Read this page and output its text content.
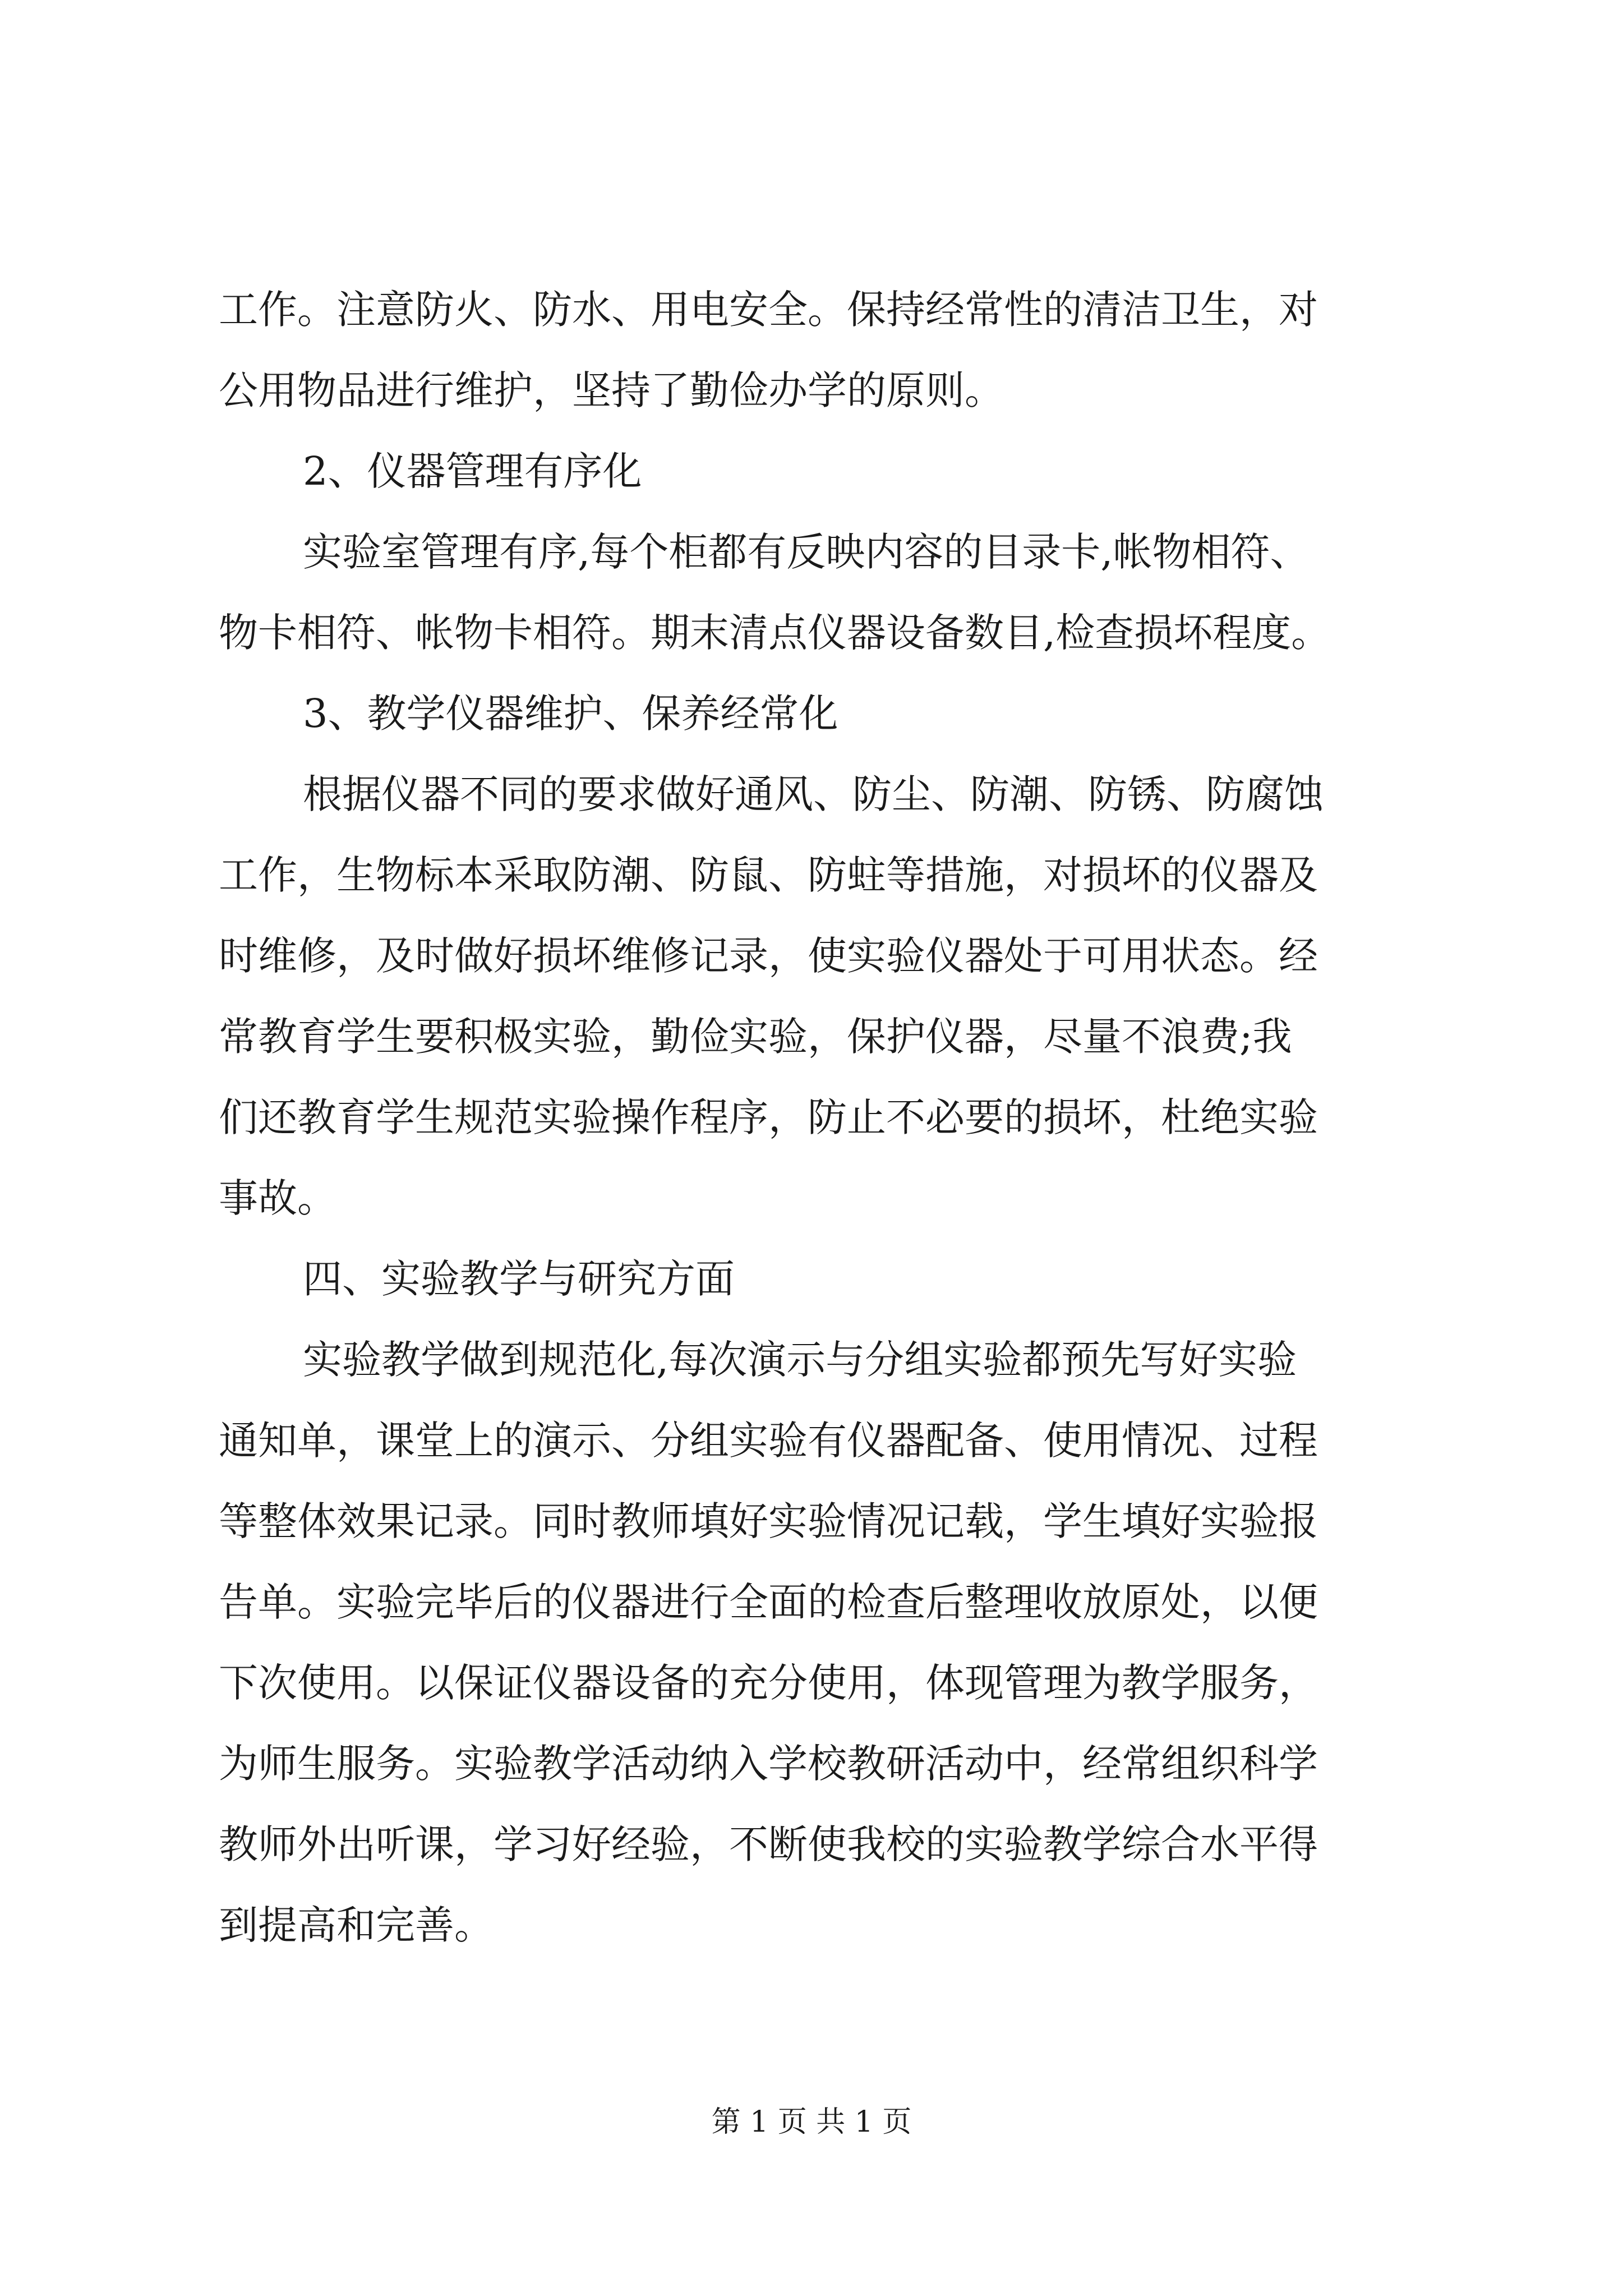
工作。注意防火、防水、用电安全。保持经常性的清洁卫生，对
公用物品进行维护，坚持了勤俭办学的原则。
2、仪器管理有序化
实验室管理有序,每个柜都有反映内容的目录卡,帐物相符、
物卡相符、帐物卡相符。期末清点仪器设备数目,检查损坏程度。
3、教学仪器维护、保养经常化
根据仪器不同的要求做好通风、防尘、防潮、防锈、防腐蚀
工作，生物标本采取防潮、防鼠、防蛀等措施，对损坏的仪器及
时维修，及时做好损坏维修记录，使实验仪器处于可用状态。经
常教育学生要积极实验，勤俭实验，保护仪器，尽量不浪费;我
们还教育学生规范实验操作程序，防止不必要的损坏，杜绝实验
事故。
四、实验教学与研究方面
实验教学做到规范化,每次演示与分组实验都预先写好实验
通知单，课堂上的演示、分组实验有仪器配备、使用情况、过程
等整体效果记录。同时教师填好实验情况记载，学生填好实验报
告单。实验完毕后的仪器进行全面的检查后整理收放原处，以便
下次使用。以保证仪器设备的充分使用，体现管理为教学服务，
为师生服务。实验教学活动纳入学校教研活动中，经常组织科学
教师外出听课，学习好经验，不断使我校的实验教学综合水平得
到提高和完善。
第 1 页 共 1 页
